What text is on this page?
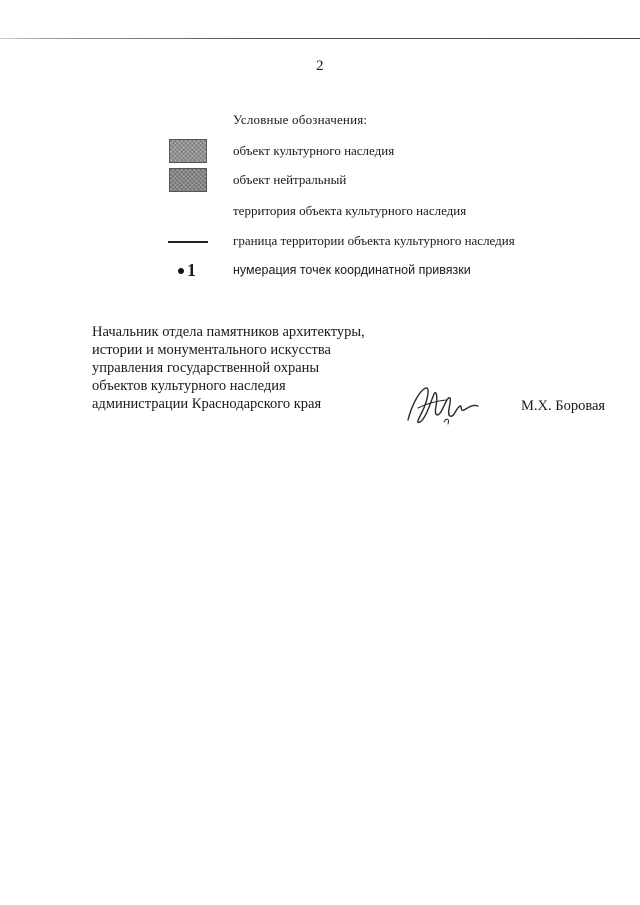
2
Условные обозначения:
объект культурного наследия
объект нейтральный
территория объекта культурного наследия
граница территории объекта культурного наследия
1	нумерация точек координатной привязки
Начальник отдела памятников архитектуры,
истории и монументального искусства
управления государственной охраны
объектов культурного наследия
администрации Краснодарского края	М.Х. Боровая
